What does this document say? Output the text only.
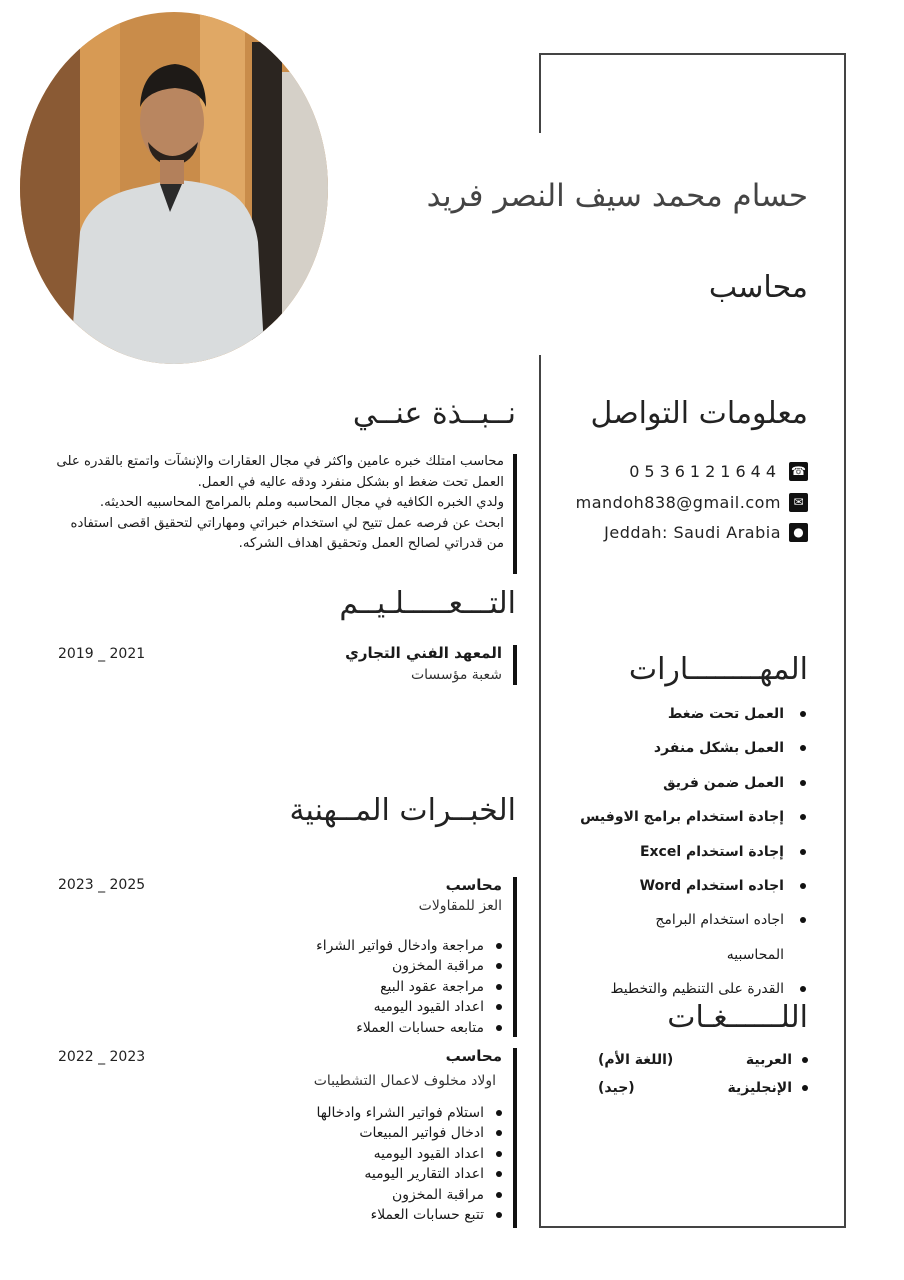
حسام محمد سيف النصر فريد
محاسب
معلومات التواصل
0536121644 ☎
mandoh838@gmail.com	✉
Jeddah: Saudi Arabia	●
المهــــــــارات
العمل تحت ضغط
العمل بشكل منفرد
العمل ضمن فريق
إجادة استخدام برامج الاوفيس
إجادة استخدام Excel
اجاده استخدام Word
اجاده استخدام البرامج
المحاسبيه
القدرة على التنظيم والتخطيط
اللــــــغـات
العربية
(اللغة الأم)
الإنجليزية
(جيد)
نــبــذة عنــي

محاسب امتلك خبره عامين واكثر في مجال العقارات والإنشآت واتمتع بالقدره على العمل تحت ضغط او بشكل منفرد ودقه عاليه في العمل.

ولدي الخبره الكافيه في مجال المحاسبه وملم بالمرامج المحاسبيه الحديثه.

ابحث عن فرصه عمل تتيح لي استخدام خبراتي ومهاراتي لتحقيق اقصى استفاده من قدراتي لصالح العمل وتحقيق اهداف الشركه.

التـــعـــــلـيــم
المعهد الفني التجاري
شعبة مؤسسات
2019 _ 2021
الخبــرات المــهنية
محاسب
العز للمقاولات
2023 _ 2025
مراجعة وادخال فواتير الشراء
مراقبة المخزون
مراجعة عقود البيع
اعداد القيود اليوميه
متابعه حسابات العملاء
محاسب
اولاد مخلوف لاعمال التشطيبات
2022 _ 2023
استلام فواتير الشراء وادخالها
ادخال فواتير المبيعات
اعداد القيود اليوميه
اعداد التقارير اليوميه
مراقبة المخزون
تتبع حسابات العملاء
